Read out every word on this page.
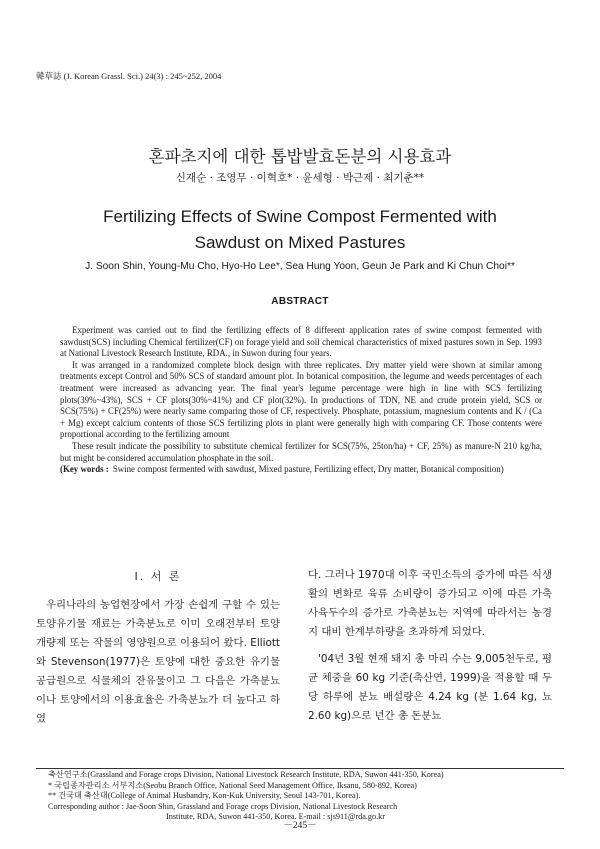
韓草誌 (J. Korean Grassl. Sci.) 24(3) : 245~252, 2004
혼파초지에 대한 톱밥발효돈분의 시용효과
신재순 · 조영무 · 이혁호* · 윤세형 · 박근제 · 최기춘**
Fertilizing Effects of Swine Compost Fermented with
Sawdust on Mixed Pastures
J. Soon Shin, Young-Mu Cho, Hyo-Ho Lee*, Sea Hung Yoon, Geun Je Park and Ki Chun Choi**
ABSTRACT

Experiment was carried out to find the fertilizing effects of 8 different application rates of swine compost fermented with sawdust(SCS) including Chemical fertilizer(CF) on forage yield and soil chemical characteristics of mixed pastures sown in Sep. 1993 at National Livestock Research Institute, RDA., in Suwon during four years.

It was arranged in a randomized complete block design with three replicates. Dry matter yield were shown at similar among treatments except Control and 50% SCS of standard amount plot. In botanical composition, the legume and weeds percentages of each treatment were increased as advancing year. The final year's legume percentage were high in line with SCS fertilizing plots(39%~43%), SCS + CF plots(30%~41%) and CF plot(32%). In productions of TDN, NE and crude protein yield, SCS or SCS(75%) + CF(25%) were nearly same comparing those of CF, respectively. Phosphate, potassium, magnesium contents and K / (Ca + Mg) except calcium contents of those SCS fertilizing plots in plant were generally high with comparing CF. Those contents were proportional according to the fertilizing amount

These result indicate the possibility to substitute chemical fertilizer for SCS(75%, 25ton/ha) + CF, 25%) as manure-N 210 kg/ha, but might be considered accumulation phosphate in the soil.

(Key words : Swine compost fermented with sawdust, Mixed pasture, Fertilizing effect, Dry matter, Botanical composition)
Ⅰ. 서 론

우리나라의 농업현장에서 가장 손쉽게 구할 수 있는 토양유기물 재료는 가축분뇨로 이미 오래전부터 토양개량제 또는 작물의 영양원으로 이용되어 왔다. Elliott와 Stevenson(1977)은 토양에 대한 중요한 유기물 공급원으로 식물체의 잔유물이고 그 다음은 가축분뇨이나 토양에서의 이용효율은 가축분뇨가 더 높다고 하였

다. 그러나 1970대 이후 국민소득의 증가에 따른 식생활의 변화로 육류 소비량이 증가되고 이에 따른 가축 사육두수의 증가로 가축분뇨는 지역에 따라서는 농경지 대비 한계부하량을 초과하게 되었다.

'04년 3월 현재 돼지 총 마리 수는 9,005천두로, 평균 체중을 60 kg 기준(축산연, 1999)을 적용할 때 두당 하루에 분뇨 배설량은 4.24 kg (분 1.64 kg, 뇨 2.60 kg)으로 년간 총 돈분뇨

축산연구소(Grassland and Forage crops Division, National Livestock Research Institute, RDA, Suwon 441-350, Korea)
* 국립종자관리소 서부지소(Seobu Branch Office, National Seed Management Office, Iksanu, 580-892, Korea)
** 건국대 축산대(College of Animal Husbandry, Kon-Kuk University, Seoul 143-701, Korea).
Corresponding author : Jae-Soon Shin, Grassland and Forage crops Division, National Livestock Research
Institute, RDA, Suwon 441-350, Korea. E-mail : sjs911@rda.go.kr
－245－
